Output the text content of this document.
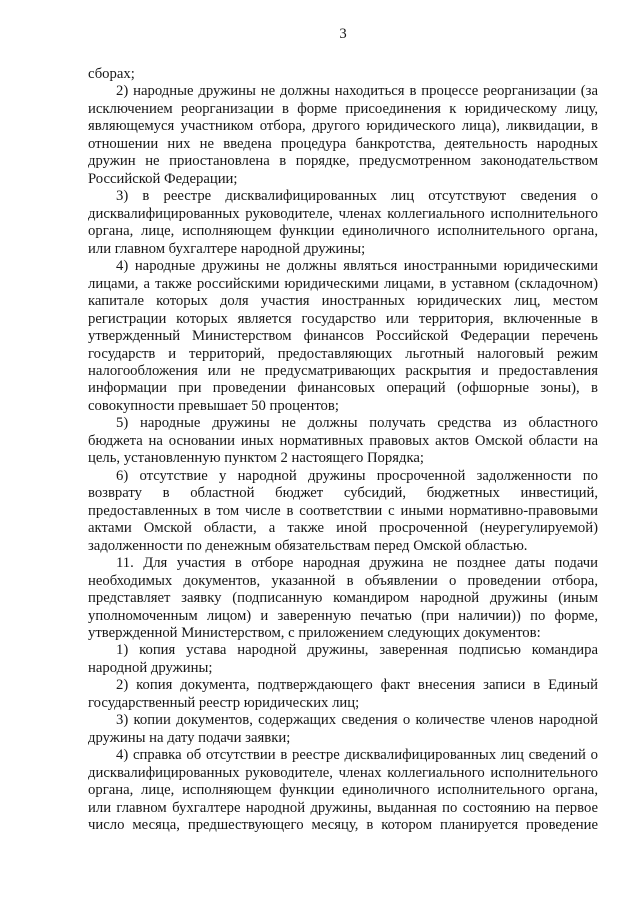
3
сборах;
2) народные дружины не должны находиться в процессе реорганизации (за
исключением реорганизации в форме присоединения к юридическому лицу,
являющемуся участником отбора, другого юридического лица), ликвидации, в
отношении них не введена процедура банкротства, деятельность народных
дружин не приостановлена в порядке, предусмотренном законодательством
Российской Федерации;
3) в реестре дисквалифицированных лиц отсутствуют сведения о
дисквалифицированных руководителе, членах коллегиального исполнительного
органа, лице, исполняющем функции единоличного исполнительного органа,
или главном бухгалтере народной дружины;
4) народные дружины не должны являться иностранными юридическими
лицами, а также российскими юридическими лицами, в уставном (складочном)
капитале которых доля участия иностранных юридических лиц, местом
регистрации которых является государство или территория, включенные в
утвержденный Министерством финансов Российской Федерации перечень
государств и территорий, предоставляющих льготный налоговый режим
налогообложения или не предусматривающих раскрытия и предоставления
информации при проведении финансовых операций (офшорные зоны), в
совокупности превышает 50 процентов;
5) народные дружины не должны получать средства из областного
бюджета на основании иных нормативных правовых актов Омской области на
цель, установленную пунктом 2 настоящего Порядка;
6) отсутствие у народной дружины просроченной задолженности по
возврату в областной бюджет субсидий, бюджетных инвестиций,
предоставленных в том числе в соответствии с иными нормативно-правовыми
актами Омской области, а также иной просроченной (неурегулируемой)
задолженности по денежным обязательствам перед Омской областью.
11. Для участия в отборе народная дружина не позднее даты подачи
необходимых документов, указанной в объявлении о проведении отбора,
представляет заявку (подписанную командиром народной дружины (иным
уполномоченным лицом) и заверенную печатью (при наличии)) по форме,
утвержденной Министерством, с приложением следующих документов:
1) копия устава народной дружины, заверенная подписью командира
народной дружины;
2) копия документа, подтверждающего факт внесения записи в Единый
государственный реестр юридических лиц;
3) копии документов, содержащих сведения о количестве членов народной
дружины на дату подачи заявки;
4) справка об отсутствии в реестре дисквалифицированных лиц сведений о
дисквалифицированных руководителе, членах коллегиального исполнительного
органа, лице, исполняющем функции единоличного исполнительного органа,
или главном бухгалтере народной дружины, выданная по состоянию на первое
число месяца, предшествующего месяцу, в котором планируется проведение
